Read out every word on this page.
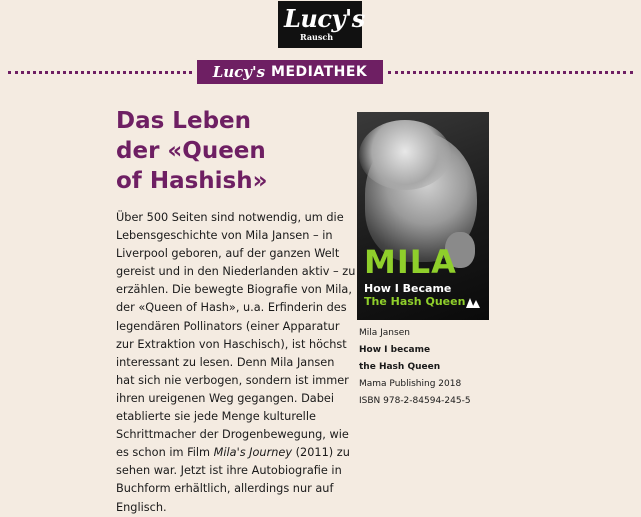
Lucy's
Rausch
Lucy's MEDIATHEK
Das Leben
der «Queen
of Hashish»

Über 500 Seiten sind notwendig, um die
Lebensgeschichte von Mila Jansen – in
Liverpool geboren, auf der ganzen Welt
gereist und in den Niederlanden aktiv – zu
erzählen. Die bewegte Biografie von Mila,
der «Queen of Hash», u.a. Erfinderin des
legendären Pollinators (einer Apparatur
zur Extraktion von Haschisch), ist höchst
interessant zu lesen. Denn Mila Jansen
hat sich nie verbogen, sondern ist immer
ihren ureigenen Weg gegangen. Dabei
etablierte sie jede Menge kulturelle
Schrittmacher der Drogenbewegung, wie
es schon im Film Mila's Journey (2011) zu
sehen war. Jetzt ist ihre Autobiografie in
Buchform erhältlich, allerdings nur auf
Englisch.

MILA
How I Became
The Hash Queen

Mila Jansen
How I became
the Hash Queen
Mama Publishing 2018
ISBN 978-2-84594-245-5
